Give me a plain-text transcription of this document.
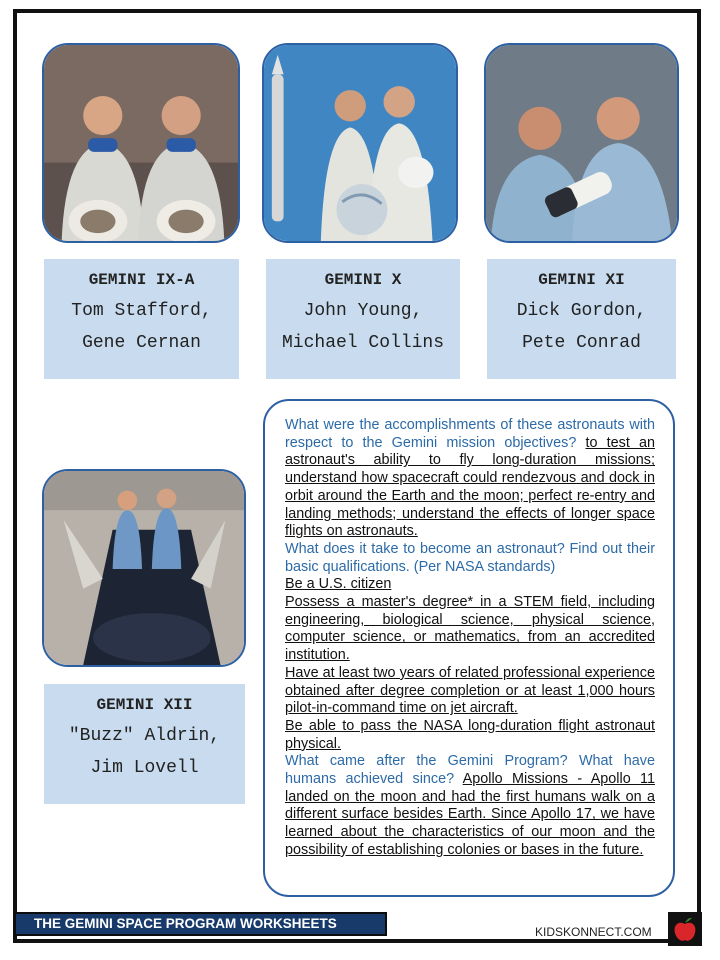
GEMINI IX-A
Tom Stafford,
Gene Cernan
GEMINI X
John Young,
Michael Collins
GEMINI XI
Dick Gordon,
Pete Conrad
GEMINI XII
"Buzz" Aldrin,
Jim Lovell
What were the accomplishments of these astronauts with respect to the Gemini mission objectives? to test an astronaut's ability to fly long-duration missions; understand how spacecraft could rendezvous and dock in orbit around the Earth and the moon; perfect re-entry and landing methods; understand the effects of longer space flights on astronauts.
What does it take to become an astronaut? Find out their basic qualifications. (Per NASA standards)
Be a U.S. citizen
Possess a master's degree* in a STEM field, including engineering, biological science, physical science, computer science, or mathematics, from an accredited institution.
Have at least two years of related professional experience obtained after degree completion or at least 1,000 hours pilot-in-command time on jet aircraft.
Be able to pass the NASA long-duration flight astronaut physical.
What came after the Gemini Program? What have humans achieved since? Apollo Missions - Apollo 11 landed on the moon and had the first humans walk on a different surface besides Earth. Since Apollo 17, we have learned about the characteristics of our moon and the possibility of establishing colonies or bases in the future.
THE GEMINI SPACE PROGRAM WORKSHEETS
KIDSKONNECT.COM
